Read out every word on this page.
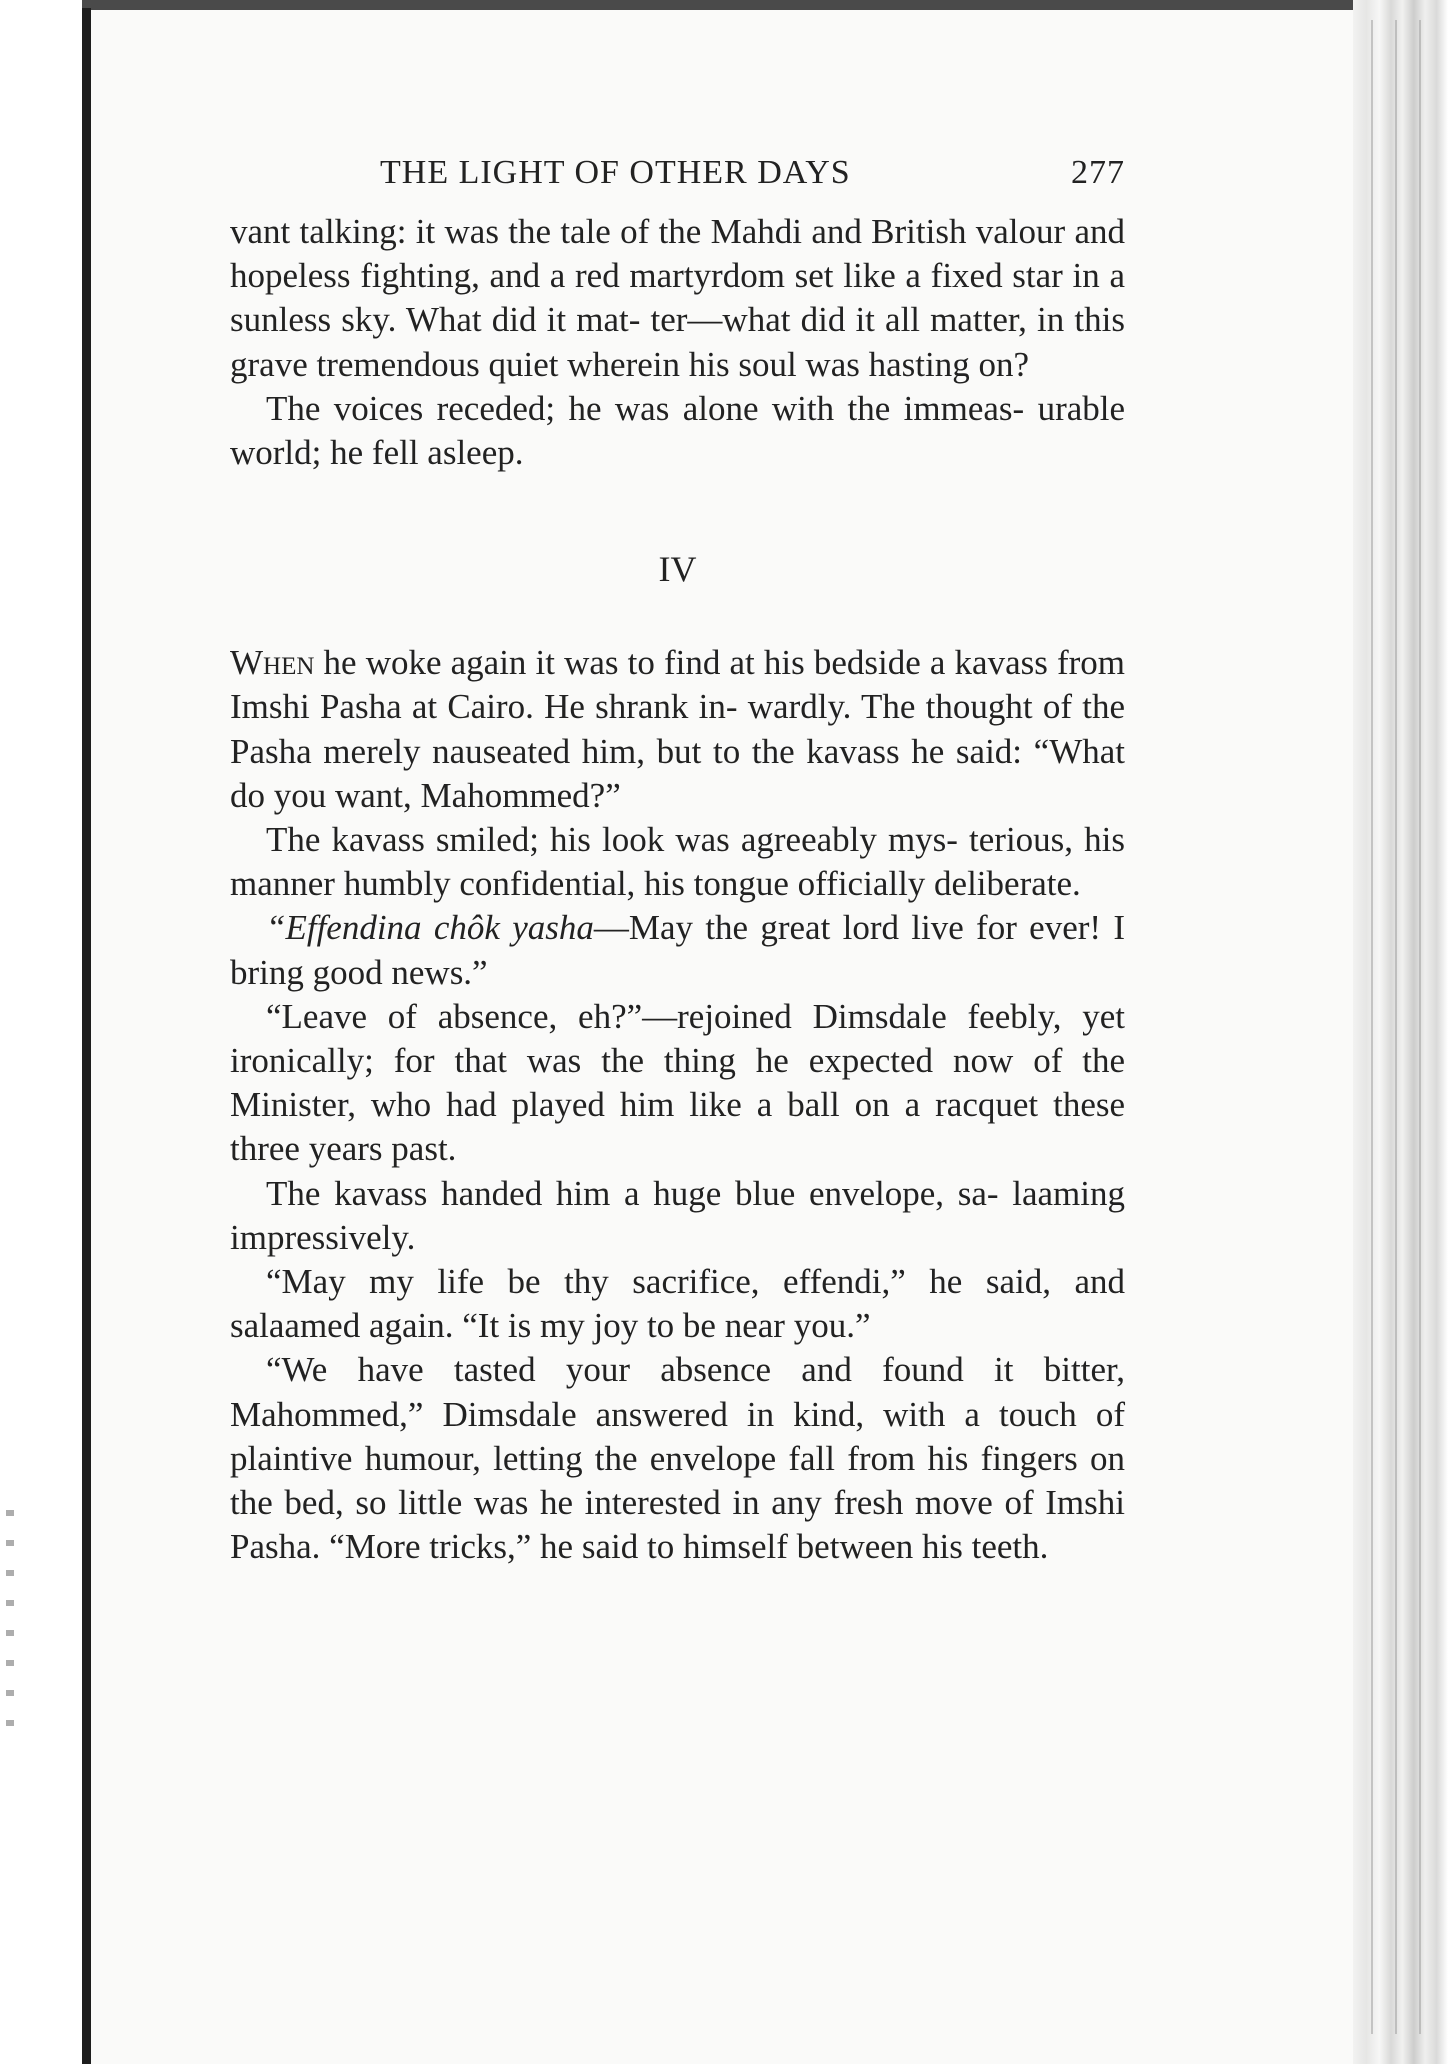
THE LIGHT OF OTHER DAYS	277

vant talking: it was the tale of the Mahdi and British valour and hopeless fighting, and a red martyrdom set like a fixed star in a sunless sky. What did it mat- ter—what did it all matter, in this grave tremendous quiet wherein his soul was hasting on?

The voices receded; he was alone with the immeas- urable world; he fell asleep.

IV

When he woke again it was to find at his bedside a kavass from Imshi Pasha at Cairo. He shrank in- wardly. The thought of the Pasha merely nauseated him, but to the kavass he said: “What do you want, Mahommed?”

The kavass smiled; his look was agreeably mys- terious, his manner humbly confidential, his tongue officially deliberate.

“Effendina chôk yasha—May the great lord live for ever! I bring good news.”

“Leave of absence, eh?”—rejoined Dimsdale feebly, yet ironically; for that was the thing he expected now of the Minister, who had played him like a ball on a racquet these three years past.

The kavass handed him a huge blue envelope, sa- laaming impressively.

“May my life be thy sacrifice, effendi,” he said, and salaamed again. “It is my joy to be near you.”

“We have tasted your absence and found it bitter, Mahommed,” Dimsdale answered in kind, with a touch of plaintive humour, letting the envelope fall from his fingers on the bed, so little was he interested in any fresh move of Imshi Pasha. “More tricks,” he said to himself between his teeth.
